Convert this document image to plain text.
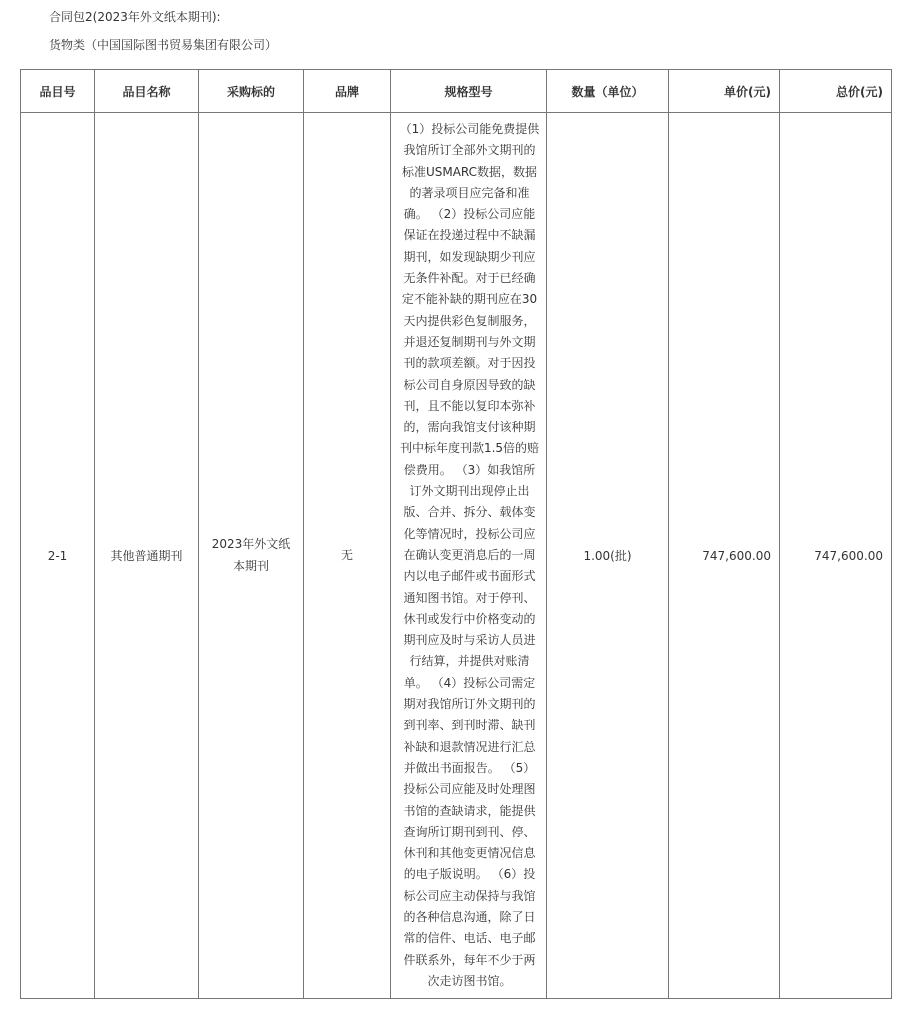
合同包2(2023年外文纸本期刊):
货物类（中国国际图书贸易集团有限公司）
品目号	品目名称	采购标的	品牌	规格型号	数量（单位）	单价(元)	总价(元)
2-1	其他普通期刊	2023年外文纸本期刊	无	（1）投标公司能免费提供我馆所订全部外文期刊的标准USMARC数据，数据的著录项目应完备和准确。 （2）投标公司应能保证在投递过程中不缺漏期刊，如发现缺期少刊应无条件补配。对于已经确定不能补缺的期刊应在30天内提供彩色复制服务，并退还复制期刊与外文期刊的款项差额。对于因投标公司自身原因导致的缺刊，且不能以复印本弥补的，需向我馆支付该种期刊中标年度刊款1.5倍的赔偿费用。 （3）如我馆所订外文期刊出现停止出版、合并、拆分、载体变化等情况时，投标公司应在确认变更消息后的一周内以电子邮件或书面形式通知图书馆。对于停刊、休刊或发行中价格变动的期刊应及时与采访人员进行结算，并提供对账清单。 （4）投标公司需定期对我馆所订外文期刊的到刊率、到刊时滞、缺刊补缺和退款情况进行汇总并做出书面报告。 （5）投标公司应能及时处理图书馆的查缺请求，能提供查询所订期刊到刊、停、休刊和其他变更情况信息的电子版说明。 （6）投标公司应主动保持与我馆的各种信息沟通，除了日常的信件、电话、电子邮件联系外，每年不少于两次走访图书馆。	1.00(批)	747,600.00	747,600.00
